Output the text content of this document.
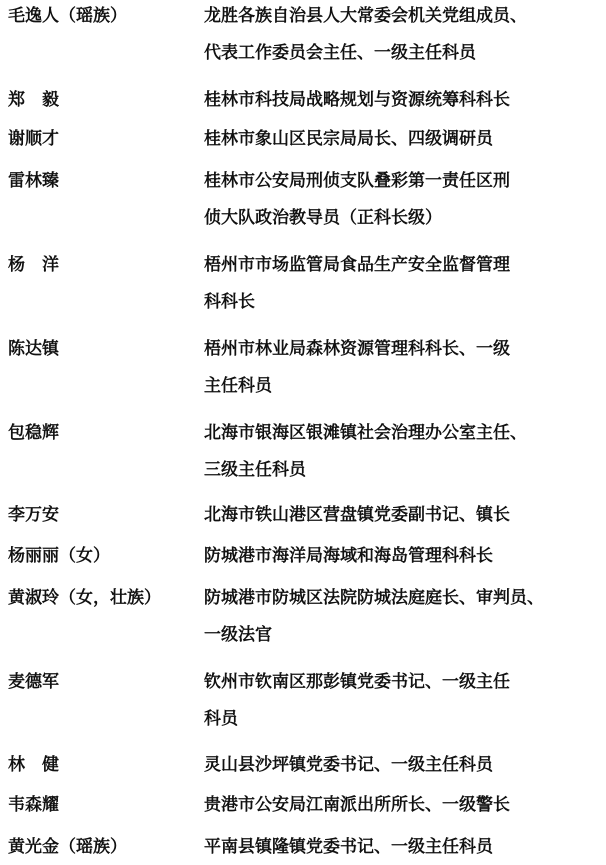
毛逸人（瑶族）	龙胜各族自治县人大常委会机关党组成员、
代表工作委员会主任、一级主任科员
郑　毅	桂林市科技局战略规划与资源统筹科科长
谢顺才	桂林市象山区民宗局局长、四级调研员
雷林臻	桂林市公安局刑侦支队叠彩第一责任区刑
侦大队政治教导员（正科长级）
杨　洋	梧州市市场监管局食品生产安全监督管理
科科长
陈达镇	梧州市林业局森林资源管理科科长、一级
主任科员
包稳辉	北海市银海区银滩镇社会治理办公室主任、
三级主任科员
李万安	北海市铁山港区营盘镇党委副书记、镇长
杨丽丽（女）	防城港市海洋局海域和海岛管理科科长
黄淑玲（女，壮族）	防城港市防城区法院防城法庭庭长、审判员、
一级法官
麦德军	钦州市钦南区那彭镇党委书记、一级主任
科员
林　健	灵山县沙坪镇党委书记、一级主任科员
韦森耀	贵港市公安局江南派出所所长、一级警长
黄光金（瑶族）	平南县镇隆镇党委书记、一级主任科员
